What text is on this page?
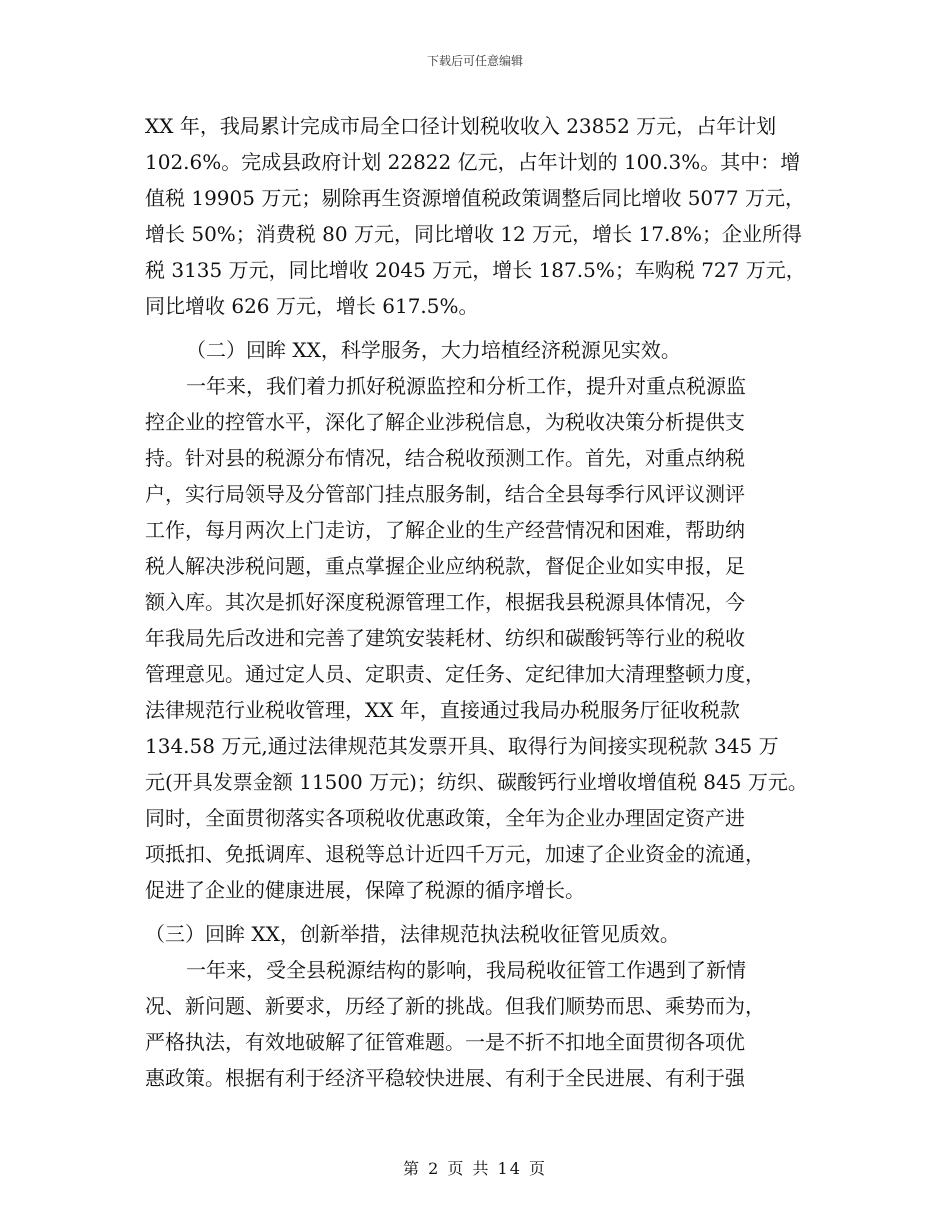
下载后可任意编辑
XX 年，我局累计完成市局全口径计划税收收入 23852 万元，占年计划
102.6%。完成县政府计划 22822 亿元，占年计划的 100.3%。其中：增
值税 19905 万元；剔除再生资源增值税政策调整后同比增收 5077 万元，
增长 50%；消费税 80 万元，同比增收 12 万元，增长 17.8%；企业所得
税 3135 万元，同比增收 2045 万元，增长 187.5%；车购税 727 万元，
同比增收 626 万元，增长 617.5%。
（二）回眸 XX，科学服务，大力培植经济税源见实效。
一年来，我们着力抓好税源监控和分析工作，提升对重点税源监
控企业的控管水平，深化了解企业涉税信息，为税收决策分析提供支
持。针对县的税源分布情况，结合税收预测工作。首先，对重点纳税
户，实行局领导及分管部门挂点服务制，结合全县每季行风评议测评
工作，每月两次上门走访，了解企业的生产经营情况和困难，帮助纳
税人解决涉税问题，重点掌握企业应纳税款，督促企业如实申报，足
额入库。其次是抓好深度税源管理工作，根据我县税源具体情况，今
年我局先后改进和完善了建筑安装耗材、纺织和碳酸钙等行业的税收
管理意见。通过定人员、定职责、定任务、定纪律加大清理整顿力度，
法律规范行业税收管理，XX 年，直接通过我局办税服务厅征收税款
134.58 万元,通过法律规范其发票开具、取得行为间接实现税款 345 万
元(开具发票金额 11500 万元)；纺织、碳酸钙行业增收增值税 845 万元。
同时，全面贯彻落实各项税收优惠政策，全年为企业办理固定资产进
项抵扣、免抵调库、退税等总计近四千万元，加速了企业资金的流通，
促进了企业的健康进展，保障了税源的循序增长。
（三）回眸 XX，创新举措，法律规范执法税收征管见质效。
一年来，受全县税源结构的影响，我局税收征管工作遇到了新情
况、新问题、新要求，历经了新的挑战。但我们顺势而思、乘势而为，
严格执法，有效地破解了征管难题。一是不折不扣地全面贯彻各项优
惠政策。根据有利于经济平稳较快进展、有利于全民进展、有利于强
第 2 页 共 14 页
